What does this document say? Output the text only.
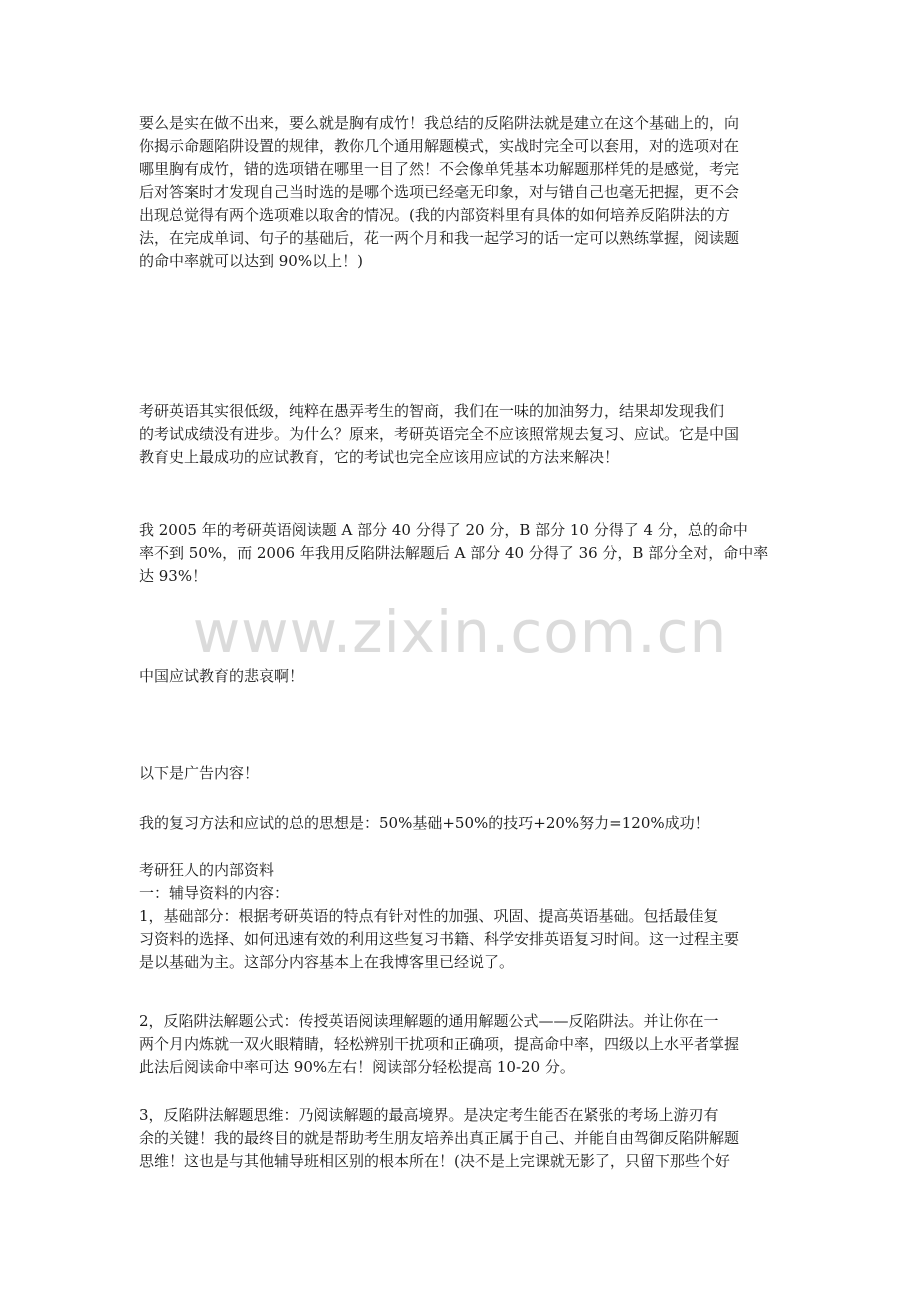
要么是实在做不出来，要么就是胸有成竹！我总结的反陷阱法就是建立在这个基础上的，向
你揭示命题陷阱设置的规律，教你几个通用解题模式，实战时完全可以套用，对的选项对在
哪里胸有成竹，错的选项错在哪里一目了然！不会像单凭基本功解题那样凭的是感觉，考完
后对答案时才发现自己当时选的是哪个选项已经毫无印象，对与错自己也毫无把握，更不会
出现总觉得有两个选项难以取舍的情况。(我的内部资料里有具体的如何培养反陷阱法的方
法，在完成单词、句子的基础后，花一两个月和我一起学习的话一定可以熟练掌握，阅读题
的命中率就可以达到 90%以上！)
考研英语其实很低级，纯粹在愚弄考生的智商，我们在一味的加油努力，结果却发现我们
的考试成绩没有进步。为什么？原来，考研英语完全不应该照常规去复习、应试。它是中国
教育史上最成功的应试教育，它的考试也完全应该用应试的方法来解决！
我 2005 年的考研英语阅读题 A 部分 40 分得了 20 分，B 部分 10 分得了 4 分，总的命中
率不到 50%，而 2006 年我用反陷阱法解题后 A 部分 40 分得了 36 分，B 部分全对，命中率
达 93%！
中国应试教育的悲哀啊！
以下是广告内容！
我的复习方法和应试的总的思想是：50%基础+50%的技巧+20%努力=120%成功！
考研狂人的内部资料
一：辅导资料的内容：
1，基础部分：根据考研英语的特点有针对性的加强、巩固、提高英语基础。包括最佳复
习资料的选择、如何迅速有效的利用这些复习书籍、科学安排英语复习时间。这一过程主要
是以基础为主。这部分内容基本上在我博客里已经说了。
2，反陷阱法解题公式：传授英语阅读理解题的通用解题公式——反陷阱法。并让你在一
两个月内炼就一双火眼精睛，轻松辨别干扰项和正确项，提高命中率，四级以上水平者掌握
此法后阅读命中率可达 90%左右！阅读部分轻松提高 10-20 分。
3，反陷阱法解题思维：乃阅读解题的最高境界。是决定考生能否在紧张的考场上游刃有
余的关键！我的最终目的就是帮助考生朋友培养出真正属于自己、并能自由驾御反陷阱解题
思维！这也是与其他辅导班相区别的根本所在！(决不是上完课就无影了，只留下那些个好
www.zixin.com.cn
